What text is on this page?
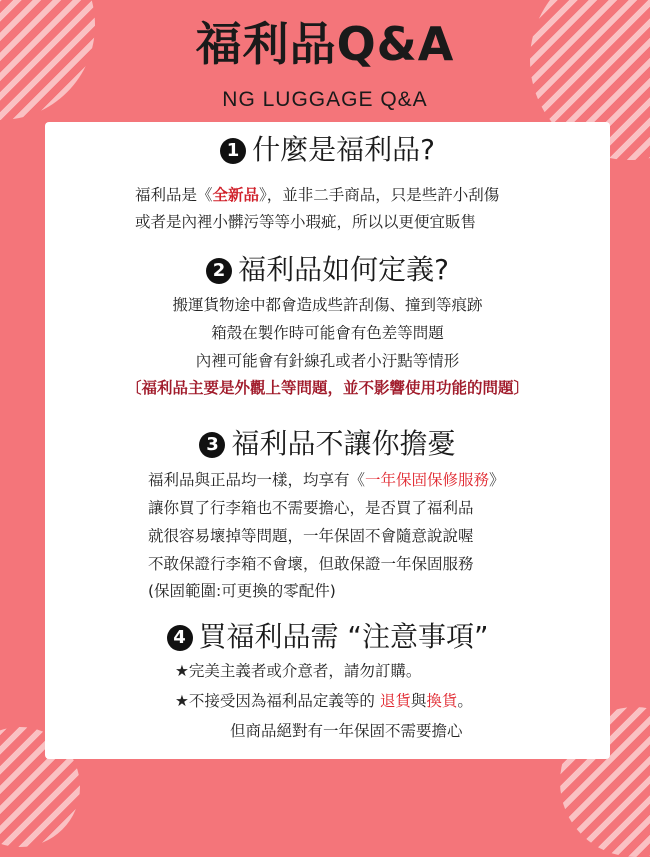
福利品Q&A
NG LUGGAGE Q&A
1 什麼是福利品?
福利品是《全新品》，並非二手商品，只是些許小刮傷
或者是內裡小髒污等等小瑕疵，所以以更便宜販售
2 福利品如何定義?
搬運貨物途中都會造成些許刮傷、撞到等痕跡
箱殼在製作時可能會有色差等問題
內裡可能會有針線孔或者小汙點等情形
〔福利品主要是外觀上等問題，並不影響使用功能的問題〕
3 福利品不讓你擔憂
福利品與正品均一樣，均享有《一年保固保修服務》
讓你買了行李箱也不需要擔心，是否買了福利品
就很容易壞掉等問題，一年保固不會隨意說說喔
不敢保證行李箱不會壞，但敢保證一年保固服務
(保固範圍:可更換的零配件)
4 買福利品需 “注意事項”
★完美主義者或介意者，請勿訂購。
★不接受因為福利品定義等的 退貨與換貨。
但商品絕對有一年保固不需要擔心
